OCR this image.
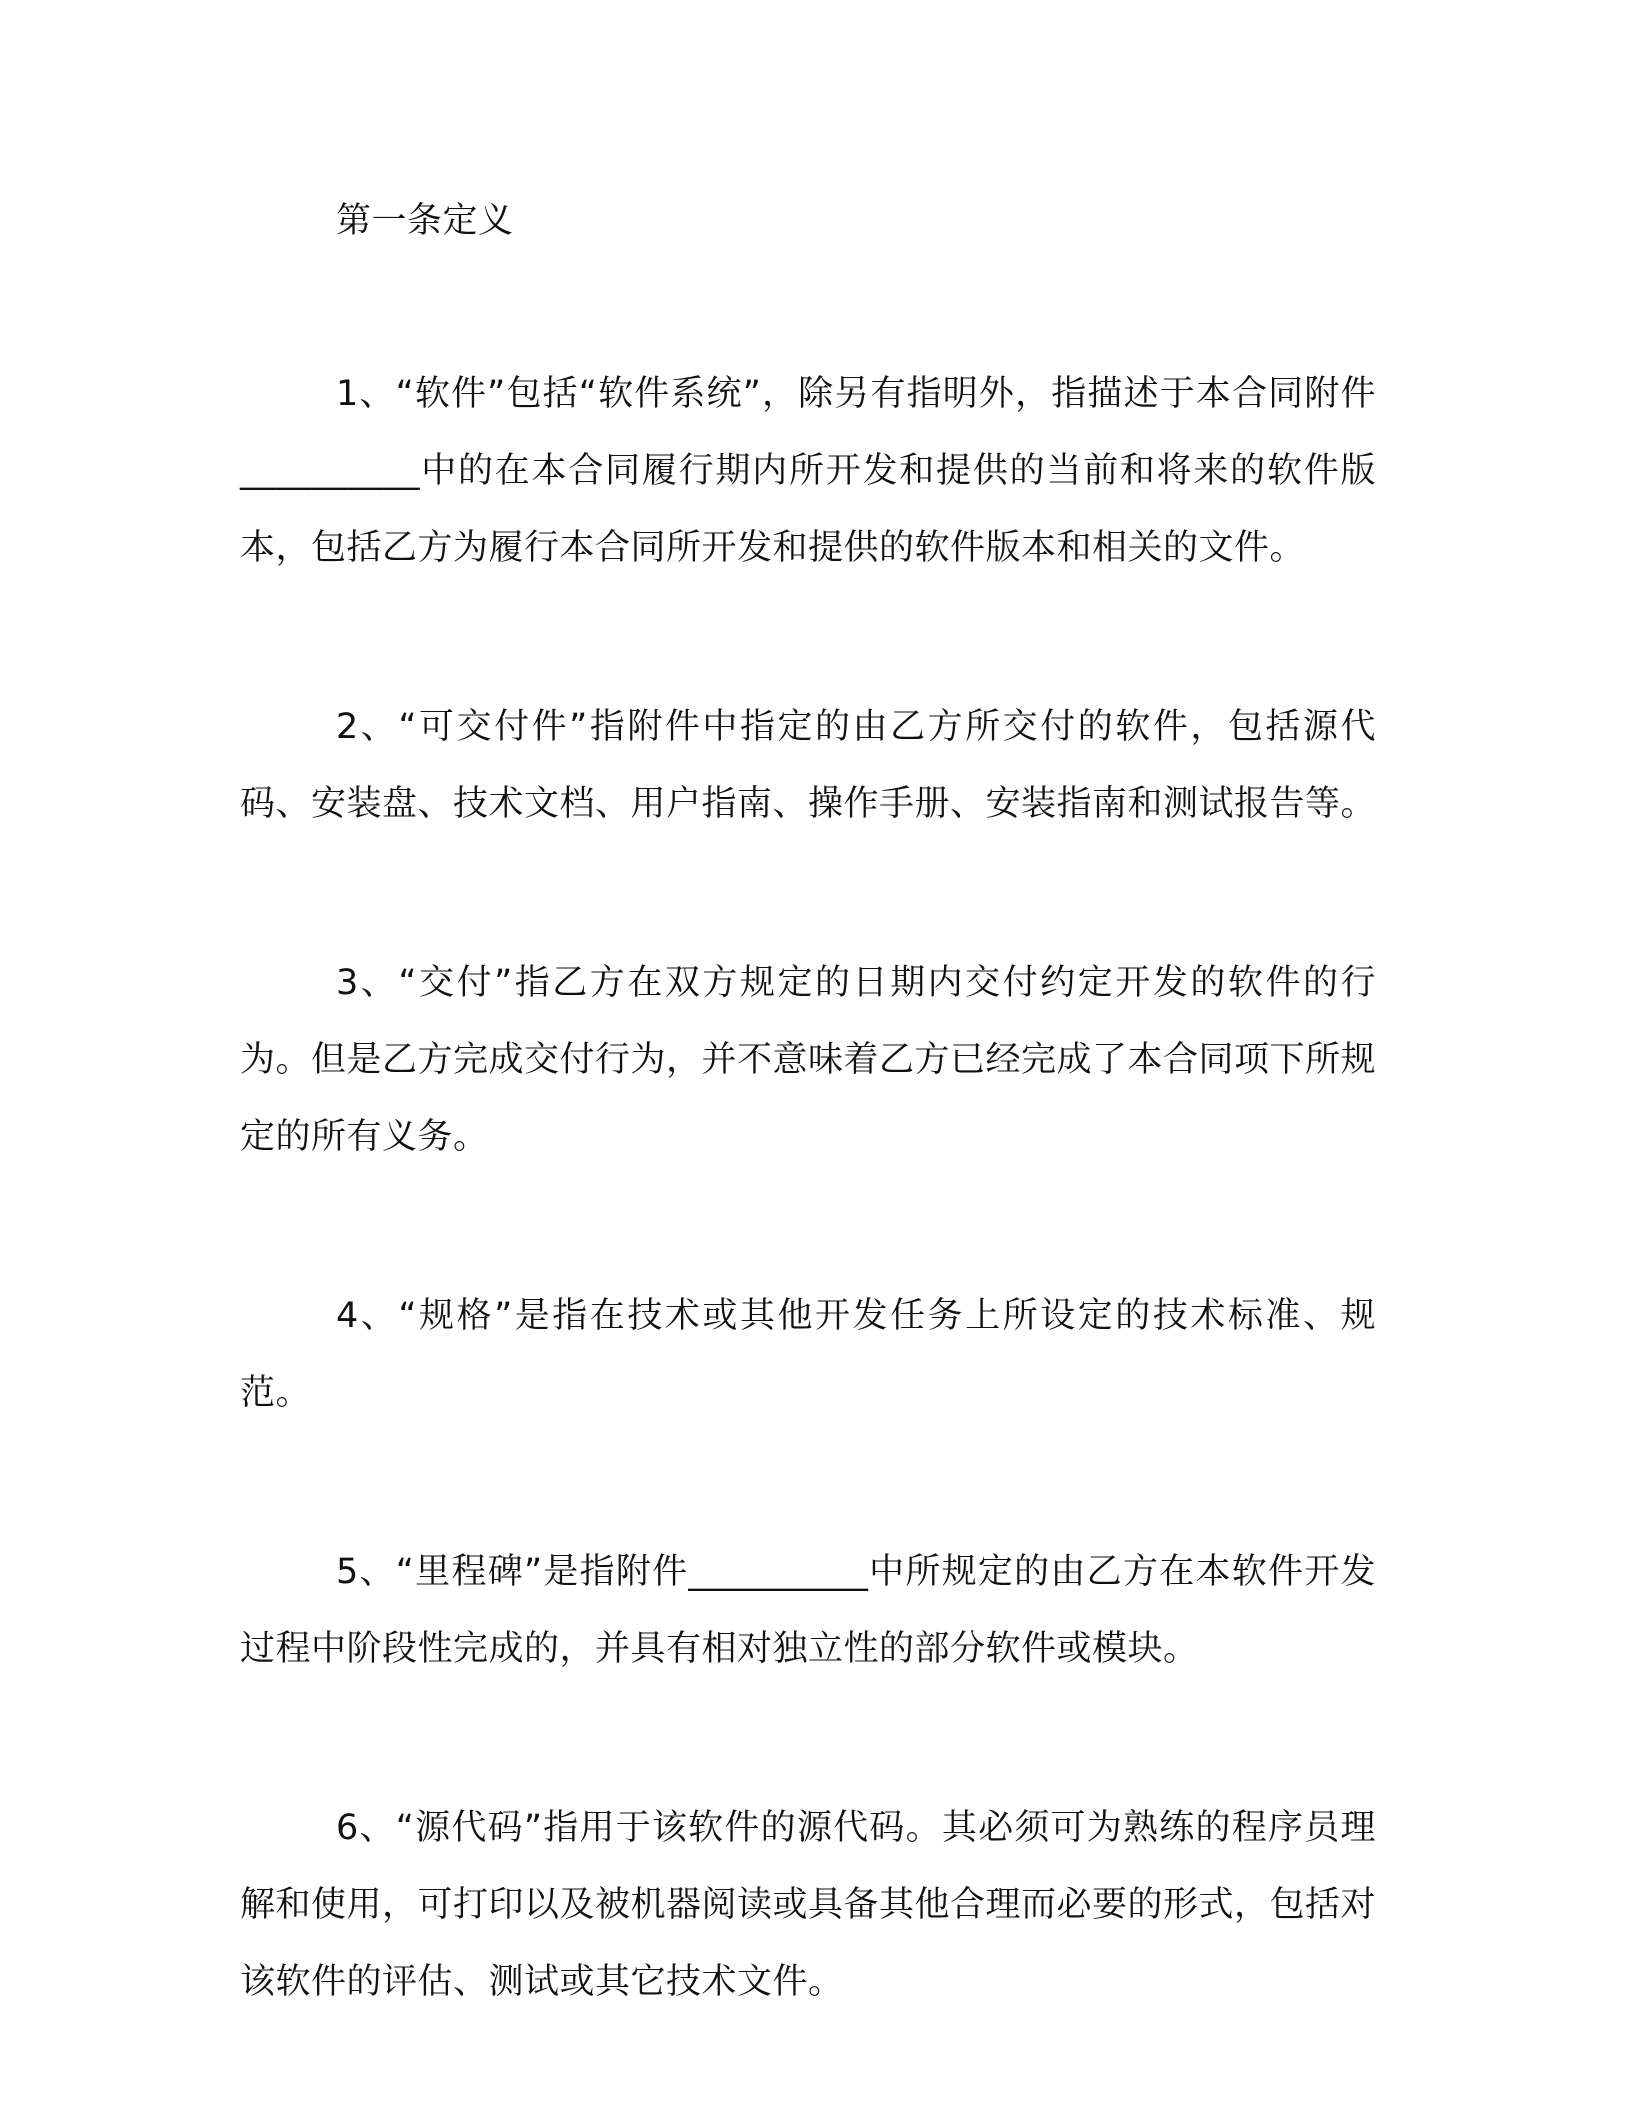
第一条定义

1、“软件”包括“软件系统”，除另有指明外，指描述于本合同附件__________中的在本合同履行期内所开发和提供的当前和将来的软件版本，包括乙方为履行本合同所开发和提供的软件版本和相关的文件。

2、“可交付件”指附件中指定的由乙方所交付的软件，包括源代码、安装盘、技术文档、用户指南、操作手册、安装指南和测试报告等。

3、“交付”指乙方在双方规定的日期内交付约定开发的软件的行为。但是乙方完成交付行为，并不意味着乙方已经完成了本合同项下所规定的所有义务。

4、“规格”是指在技术或其他开发任务上所设定的技术标准、规范。

5、“里程碑”是指附件__________中所规定的由乙方在本软件开发过程中阶段性完成的，并具有相对独立性的部分软件或模块。

6、“源代码”指用于该软件的源代码。其必须可为熟练的程序员理解和使用，可打印以及被机器阅读或具备其他合理而必要的形式，包括对该软件的评估、测试或其它技术文件。
